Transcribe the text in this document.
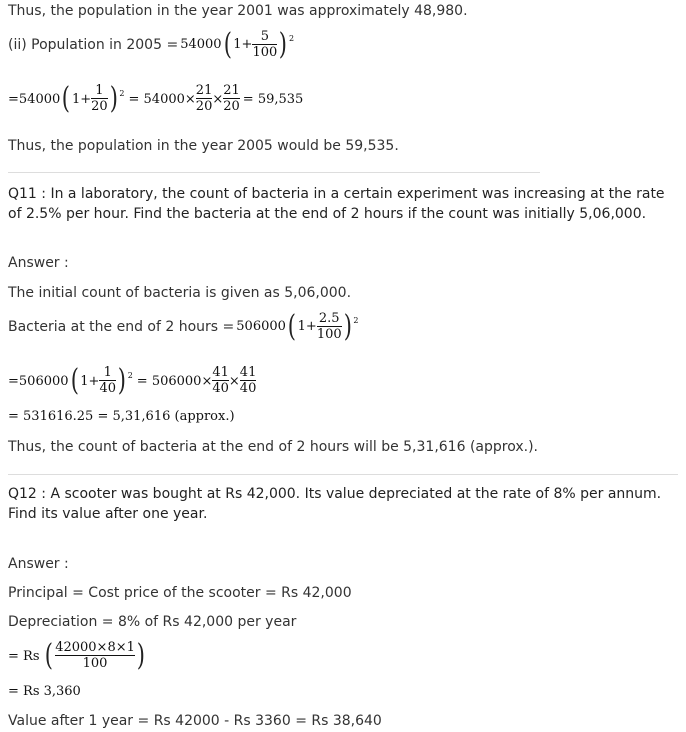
Thus, the population in the year 2001 was approximately 48,980.
(ii) Population in 2005 = 54000 ( $1+ \frac{5}{100}$ ) 2
= 54000 ( $1+ \frac{1}{20}$ ) $2 = 54000\times \frac{21}{20} \times \frac{21}{20} = 59,535$
Thus, the population in the year 2005 would be 59,535.
Q11 : In a laboratory, the count of bacteria in a certain experiment was increasing at the rate of 2.5% per hour. Find the bacteria at the end of 2 hours if the count was initially 5,06,000.
Answer :
The initial count of bacteria is given as 5,06,000.
Bacteria at the end of 2 hours = 506000 ( $1+ \frac{2.5}{100}$ ) 2
= 506000 ( $1+ \frac{1}{40}$ ) $2 = 506000\times \frac{41}{40} \times \frac{41}{40}$
= 531616.25 = 5,31,616 (approx.)
Thus, the count of bacteria at the end of 2 hours will be 5,31,616 (approx.).
Q12 : A scooter was bought at Rs 42,000. Its value depreciated at the rate of 8% per annum. Find its value after one year.
Answer :
Principal = Cost price of the scooter = Rs 42,000
Depreciation = 8% of Rs 42,000 per year
= Rs ( $\frac{42000\times 8\times 1}{100}$ )
= Rs 3,360
Value after 1 year = Rs 42000 - Rs 3360 = Rs 38,640
